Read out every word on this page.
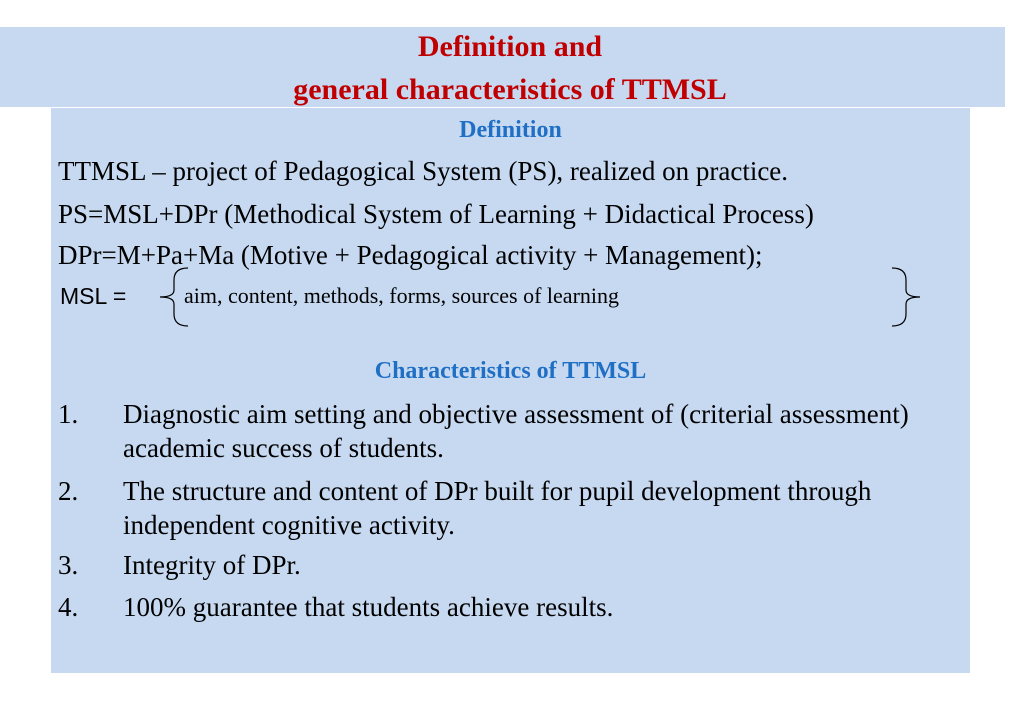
Definition and
general characteristics of TTMSL
Definition
TTMSL – project of Pedagogical System (PS), realized on practice.
PS=MSL+DPr (Methodical System of Learning + Didactical Process)
DPr=M+Pa+Ma (Motive + Pedagogical activity + Management);
MSL =	aim, content, methods, forms, sources of learning
Characteristics of TTMSL
1. Diagnostic aim setting and objective assessment of (criterial assessment) academic success of students.
2. The structure and content of DPr built for pupil development through independent cognitive activity.
3. Integrity of DPr.
4. 100% guarantee that students achieve results.
